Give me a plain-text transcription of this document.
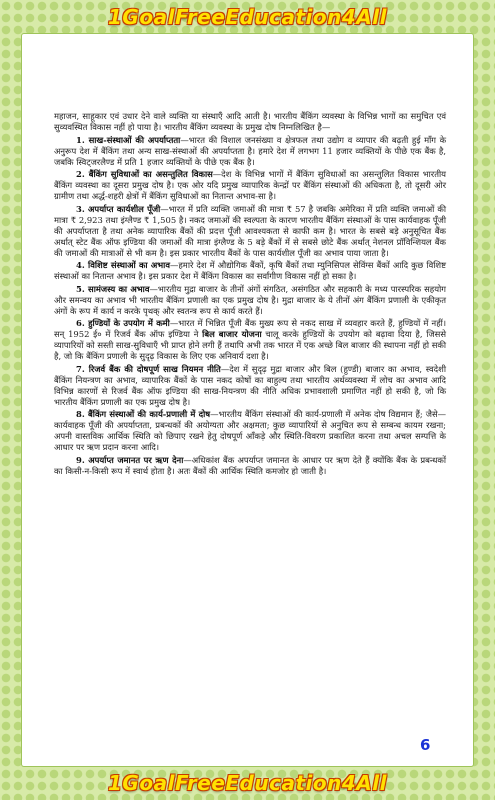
1GoalFreeEducation4All

महाजन, साहूकार एवं उधार देने वाले व्यक्ति या संस्थाएँ आदि आती है। भारतीय बैंकिंग व्यवस्था के विभिन्न भागों का समुचित एवं सुव्यवस्थित विकास नहीं हो पाया है। भारतीय बैंकिंग व्यवस्था के प्रमुख दोष निम्नलिखित है—

1. साख-संस्थाओं की अपर्याप्तता—भारत की विशाल जनसंख्या व क्षेत्रफल तथा उद्योग व व्यापार की बढ़ती हुई माँग के अनुरूप देश में बैंकिंग तथा अन्य साख-संस्थाओं की अपर्याप्तता है। हमारे देश में लगभग 11 हजार व्यक्तियों के पीछे एक बैंक है, जबकि स्विट्जरलैण्ड में प्रति 1 हजार व्यक्तियों के पीछे एक बैंक है।

2. बैंकिंग सुविधाओं का असन्तुलित विकास—देश के विभिन्न भागों में बैंकिंग सुविधाओं का असन्तुलित विकास भारतीय बैंकिंग व्यवस्था का दूसरा प्रमुख दोष है। एक ओर यदि प्रमुख व्यापारिक केन्द्रों पर बैंकिंग संस्थाओं की अधिकता है, तो दूसरी ओर ग्रामीण तथा अर्द्ध-शहरी क्षेत्रों में बैंकिंग सुविधाओं का नितान्त अभाव-सा है।

3. अपर्याप्त कार्यशील पूँजी—भारत में प्रति व्यक्ति जमाओं की मात्रा ₹ 57 है जबकि अमेरिका में प्रति व्यक्ति जमाओं की मात्रा ₹ 2,923 तथा इंग्लैण्ड ₹ 1,505 है। नकद जमाओं की स्वल्पता के कारण भारतीय बैंकिंग संस्थाओं के पास कार्यवाहक पूँजी की अपर्याप्तता है तथा अनेक व्यापारिक बैंकों की प्रदत्त पूँजी आवश्यकता से काफी कम है। भारत के सबसे बड़े अनुसूचित बैंक अर्थात् स्टेट बैंक ऑफ इण्डिया की जमाओं की मात्रा इंग्लैण्ड के 5 बड़े बैंकों में से सबसे छोटे बैंक अर्थात् नेशनल प्रॉविन्शियल बैंक की जमाओं की मात्राओं से भी कम है। इस प्रकार भारतीय बैंकों के पास कार्यशील पूँजी का अभाव पाया जाता है।

4. विशिष्ट संस्थाओं का अभाव—हमारे देश में औद्योगिक बैंकों, कृषि बैंकों तथा म्युनिसिपल सेविंग्स बैंकों आदि कुछ विशिष्ट संस्थाओं का नितान्त अभाव है। इस प्रकार देश में बैंकिंग विकास का सर्वांगीण विकास नहीं हो सका है।

5. सामंजस्य का अभाव—भारतीय मुद्रा बाजार के तीनों अंगों संगठित, असंगठित और सहकारी के मध्य पारस्परिक सहयोग और समन्वय का अभाव भी भारतीय बैंकिंग प्रणाली का एक प्रमुख दोष है। मुद्रा बाजार के ये तीनों अंग बैंकिंग प्रणाली के एकीकृत अंगों के रूप में कार्य न करके पृथक् और स्वतन्त्र रूप से कार्य करते हैं।

6. हुण्डियों के उपयोग में कमी—भारत में भिन्नित पूँजी बैंक मुख्य रूप से नकद साख में व्यवहार करते हैं, हुण्डियों में नहीं। सन् 1952 ई० में रिजर्व बैंक ऑफ इण्डिया ने बिल बाजार योजना चालू करके हुण्डियों के उपयोग को बढ़ावा दिया है, जिससे व्यापारियों को सस्ती साख-सुविधाएँ भी प्राप्त होने लगी हैं तथापि अभी तक भारत में एक अच्छे बिल बाजार की स्थापना नहीं हो सकी है, जो कि बैंकिंग प्रणाली के सुदृढ़ विकास के लिए एक अनिवार्य दशा है।

7. रिजर्व बैंक की दोषपूर्ण साख नियमन नीति—देश में सुदृढ़ मुद्रा बाजार और बिल (हुण्डी) बाजार का अभाव, स्वदेशी बैंकिंग नियन्त्रण का अभाव, व्यापारिक बैंकों के पास नकद कोषों का बाहुल्य तथा भारतीय अर्थव्यवस्था में लोच का अभाव आदि विभिन्न कारणों से रिजर्व बैंक ऑफ इण्डिया की साख-नियन्त्रण की नीति अधिक प्रभावशाली प्रमाणित नहीं हो सकी है, जो कि भारतीय बैंकिंग प्रणाली का एक प्रमुख दोष है।

8. बैंकिंग संस्थाओं की कार्य-प्रणाली में दोष—भारतीय बैंकिंग संस्थाओं की कार्य-प्रणाली में अनेक दोष विद्यमान हैं; जैसे—कार्यवाहक पूँजी की अपर्याप्तता, प्रबन्धकों की अयोग्यता और अक्षमता; कुछ व्यापारियों से अनुचित रूप से सम्बन्ध कायम रखना; अपनी वास्तविक आर्थिक स्थिति को छिपाए रखने हेतु दोषपूर्ण आँकड़े और स्थिति-विवरण प्रकाशित करना तथा अचल सम्पत्ति के आधार पर ऋण प्रदान करना आदि।

9. अपर्याप्त जमानत पर ऋण देना—अधिकांश बैंक अपर्याप्त जमानत के आधार पर ऋण देते हैं क्योंकि बैंक के प्रबन्धकों का किसी-न-किसी रूप में स्वार्थ होता है। अतः बैंकों की आर्थिक स्थिति कमजोर हो जाती है।

6
1GoalFreeEducation4All
